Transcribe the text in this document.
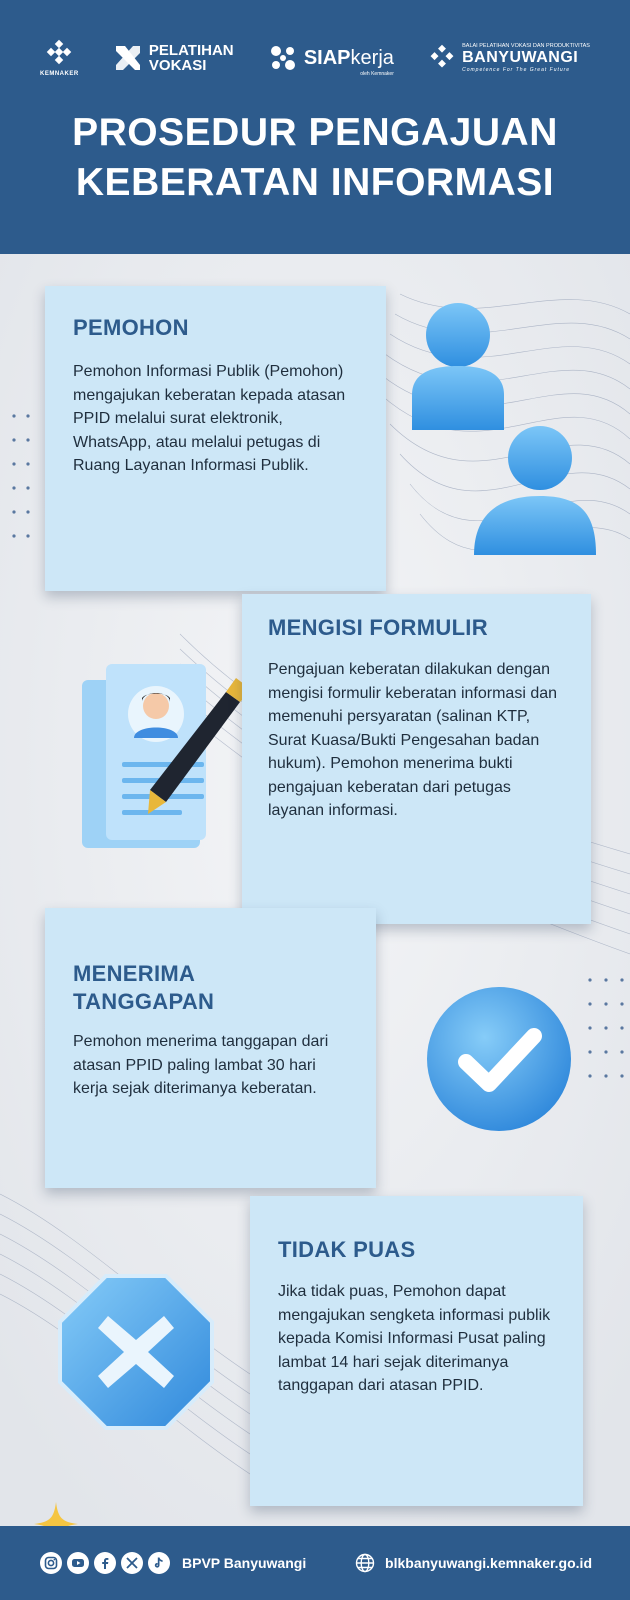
KEMNAKER
PELATIHAN
VOKASI	SIAPkerja
oleh Kemnaker
BALAI PELATIHAN VOKASI DAN PRODUKTIVITAS
BANYUWANGI
Competence For The Great Future
PROSEDUR PENGAJUAN
KEBERATAN INFORMASI
PEMOHON

Pemohon Informasi Publik (Pemohon) mengajukan keberatan kepada atasan PPID melalui surat elektronik, WhatsApp, atau melalui petugas di Ruang Layanan Informasi Publik.

MENGISI FORMULIR

Pengajuan keberatan dilakukan dengan mengisi formulir keberatan informasi dan memenuhi persyaratan (salinan KTP, Surat Kuasa/Bukti Pengesahan badan hukum). Pemohon menerima bukti pengajuan keberatan dari petugas layanan informasi.

MENERIMA
TANGGAPAN

Pemohon menerima tanggapan dari atasan PPID paling lambat 30 hari kerja sejak diterimanya keberatan.

TIDAK PUAS

Jika tidak puas, Pemohon dapat mengajukan sengketa informasi publik kepada Komisi Informasi Pusat paling lambat 14 hari sejak diterimanya tanggapan dari atasan PPID.

BPVP Banyuwangi	blkbanyuwangi.kemnaker.go.id
